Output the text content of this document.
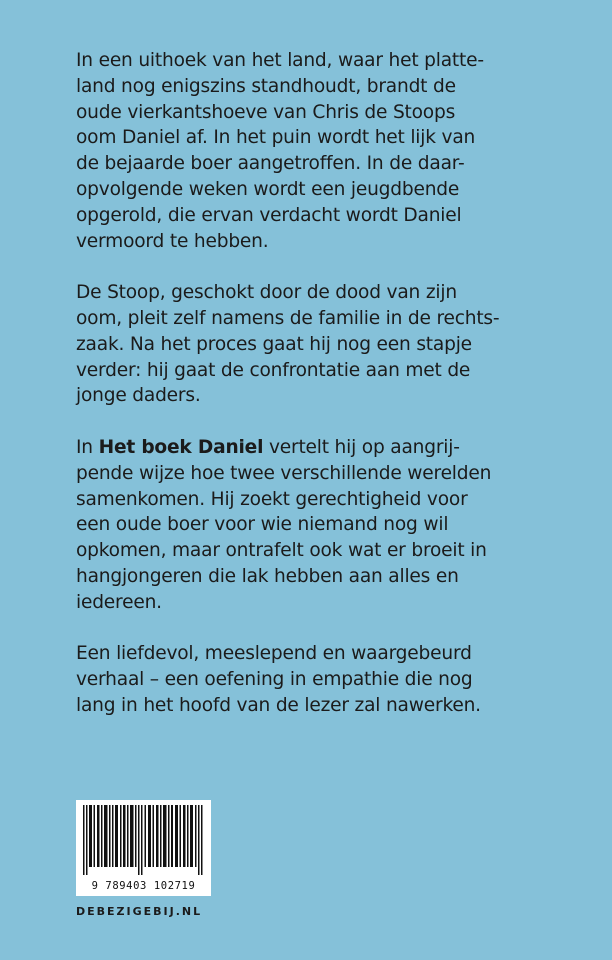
In een uithoek van het land, waar het platte-
land nog enigszins standhoudt, brandt de
oude vierkantshoeve van Chris de Stoops
oom Daniel af. In het puin wordt het lijk van
de bejaarde boer aangetroffen. In de daar-
opvolgende weken wordt een jeugdbende
opgerold, die ervan verdacht wordt Daniel
vermoord te hebben.

De Stoop, geschokt door de dood van zijn
oom, pleit zelf namens de familie in de rechts-
zaak. Na het proces gaat hij nog een stapje
verder: hij gaat de confrontatie aan met de
jonge daders.

In Het boek Daniel vertelt hij op aangrij-
pende wijze hoe twee verschillende werelden
samenkomen. Hij zoekt gerechtigheid voor
een oude boer voor wie niemand nog wil
opkomen, maar ontrafelt ook wat er broeit in
hangjongeren die lak hebben aan alles en
iedereen.

Een liefdevol, meeslepend en waargebeurd
verhaal – een oefening in empathie die nog
lang in het hoofd van de lezer zal nawerken.

9 789403 102719
DEBEZIGEBIJ.NL
